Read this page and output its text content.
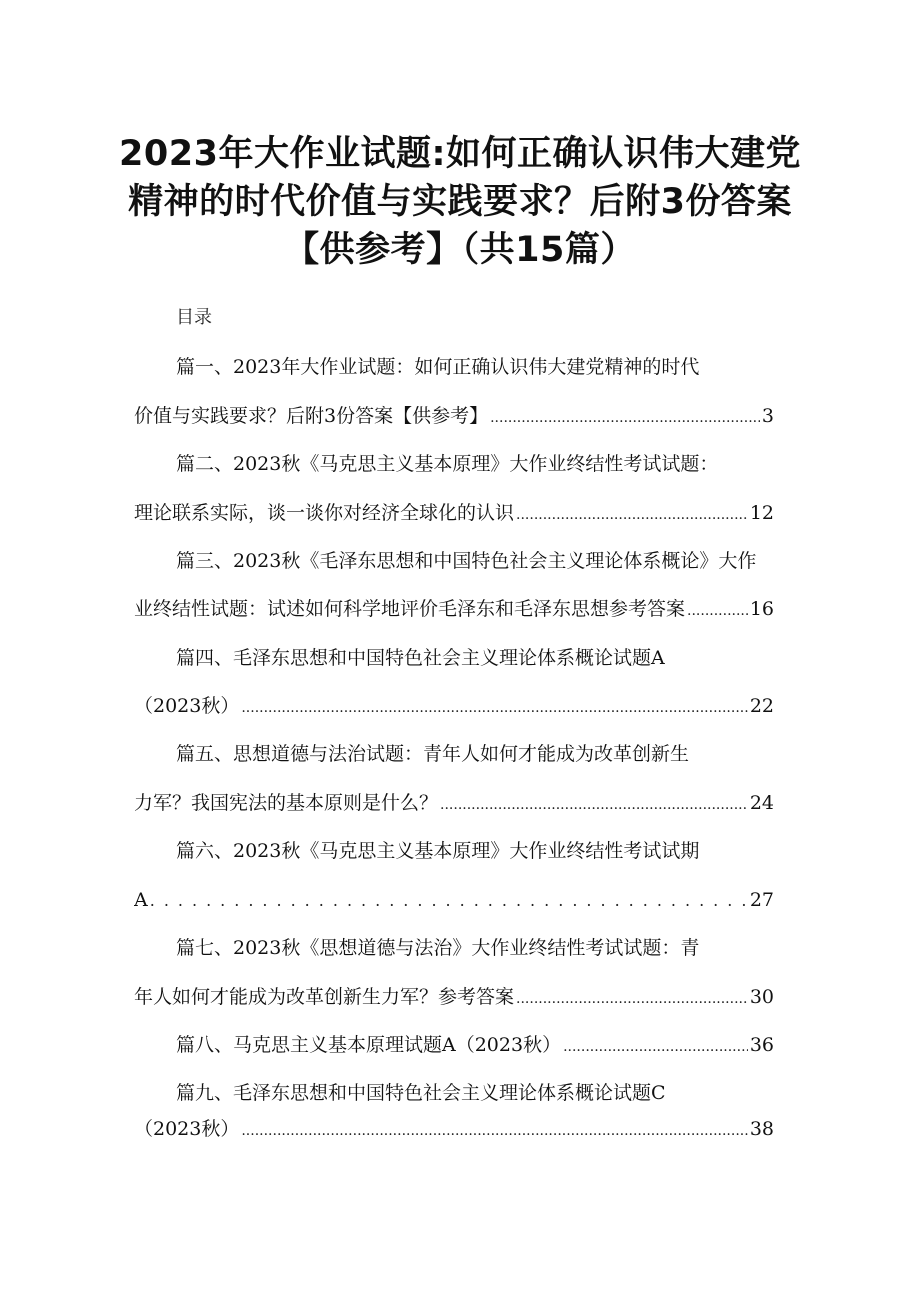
2023年大作业试题:如何正确认识伟大建党
精神的时代价值与实践要求？后附3份答案
【供参考】（共15篇）
目录
篇一、2023年大作业试题：如何正确认识伟大建党精神的时代
价值与实践要求？后附3份答案【供参考】 .....	3
篇二、2023秋《马克思主义基本原理》大作业终结性考试试题：
理论联系实际，谈一谈你对经济全球化的认识 .....	12
篇三、2023秋《毛泽东思想和中国特色社会主义理论体系概论》大作
业终结性试题：试述如何科学地评价毛泽东和毛泽东思想参考答案 .....	16
篇四、毛泽东思想和中国特色社会主义理论体系概论试题A
（2023秋） .....	22
篇五、思想道德与法治试题：青年人如何才能成为改革创新生
力军？我国宪法的基本原则是什么？ .....	24
篇六、2023秋《马克思主义基本原理》大作业终结性考试试期
A .....	27
篇七、2023秋《思想道德与法治》大作业终结性考试试题：青
年人如何才能成为改革创新生力军？参考答案 .....	30
篇八、马克思主义基本原理试题A（2023秋） .....	36
篇九、毛泽东思想和中国特色社会主义理论体系概论试题C
（2023秋） .....	38
